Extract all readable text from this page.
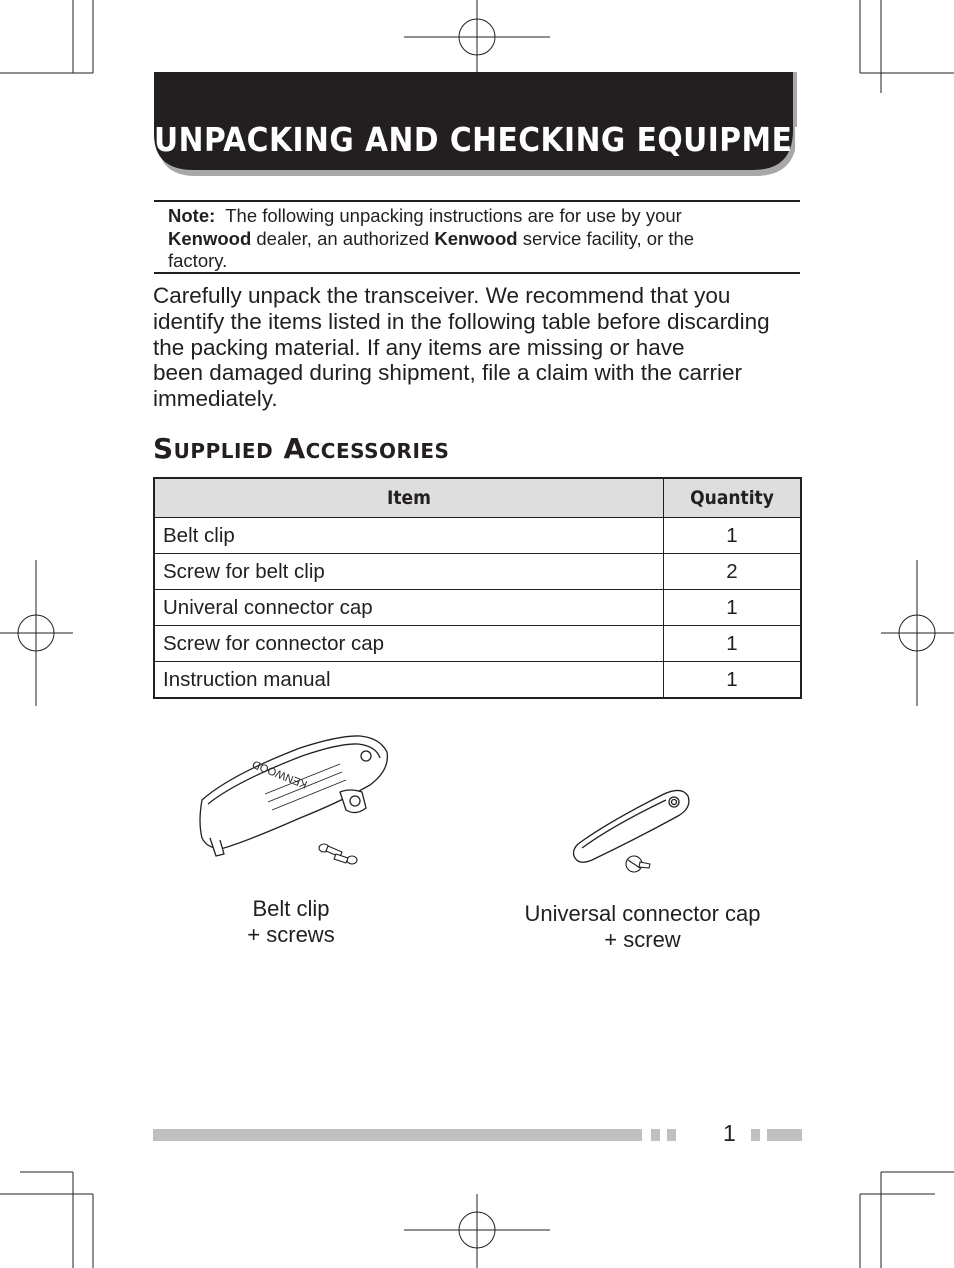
UNPACKING AND CHECKING EQUIPMENT
Note: The following unpacking instructions are for use by your
Kenwood dealer, an authorized Kenwood service facility, or the
factory.
Carefully unpack the transceiver. We recommend that you
identify the items listed in the following table before discarding
the packing material. If any items are missing or have
been damaged during shipment, file a claim with the carrier
immediately.
SUPPLIED ACCESSORIES
Item	Quantity
Belt clip	1
Screw for belt clip	2
Univeral connector cap	1
Screw for connector cap	1
Instruction manual	1
KENWOOD
Belt clip
+ screws
Universal connector cap
+ screw
1
